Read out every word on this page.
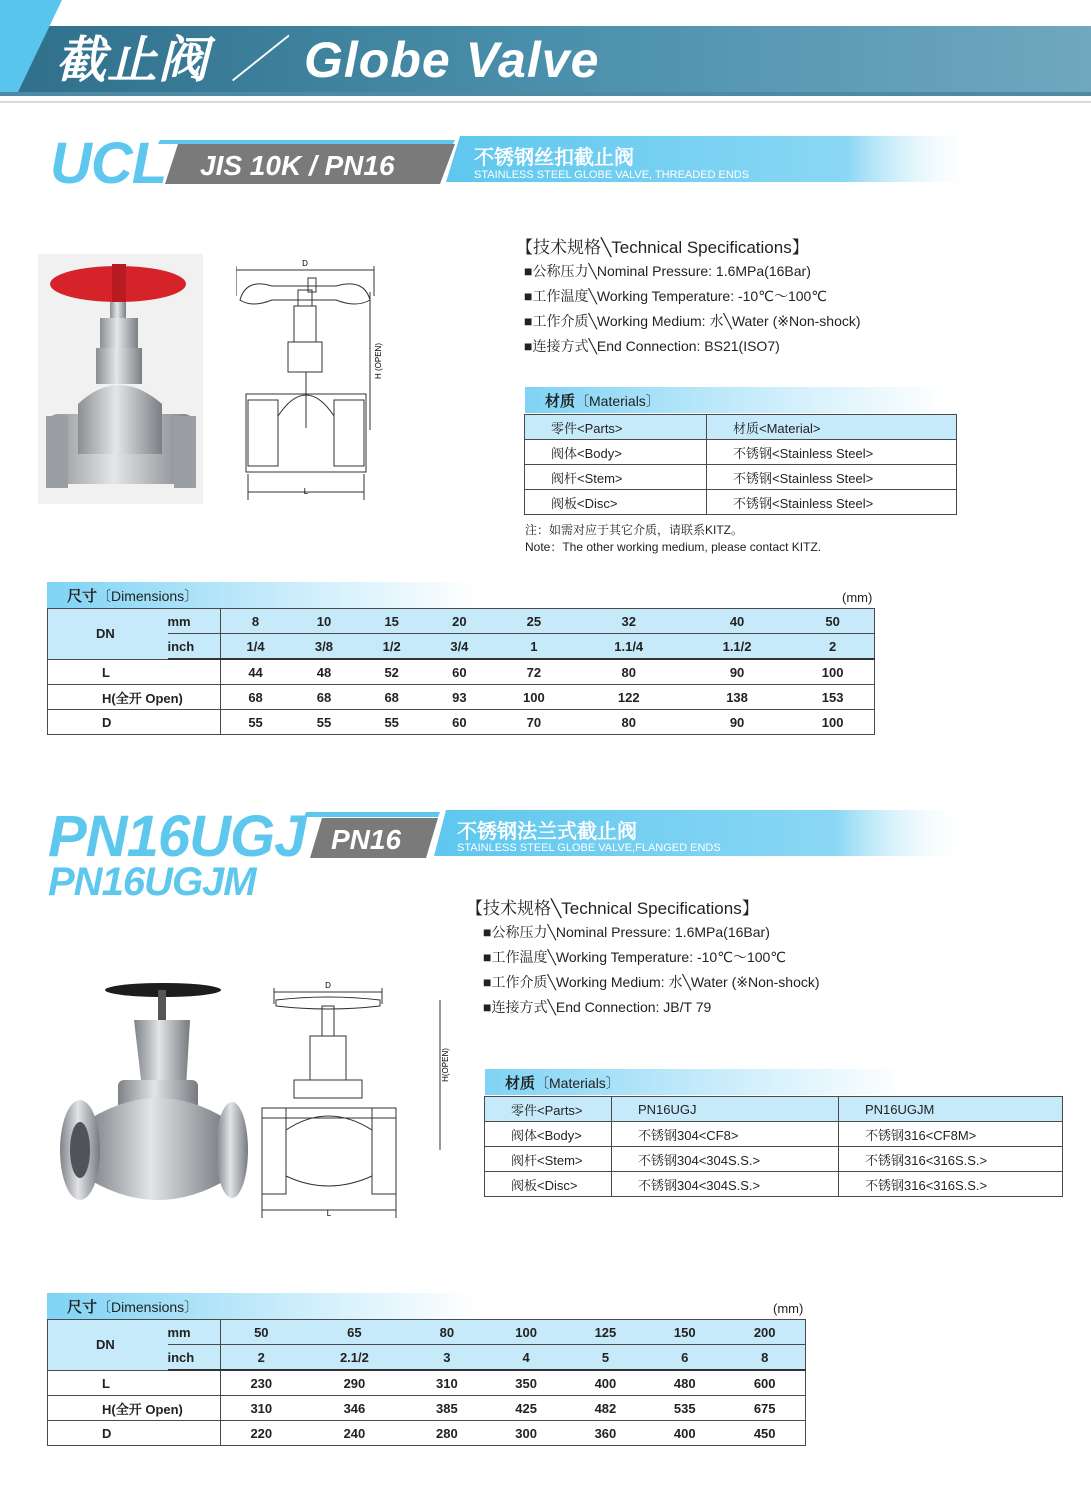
截止阀 ／ Globe Valve
UCL JIS 10K / PN16	不锈钢丝扣截止阀
STAINLESS STEEL GLOBE VALVE, THREADED ENDS
D
L
H (OPEN)
【技术规格╲Technical Specifications】
■公称压力╲Nominal Pressure: 1.6MPa(16Bar)
■工作温度╲Working Temperature: -10℃～100℃
■工作介质╲Working Medium: 水╲Water (※Non-shock)
■连接方式╲End Connection: BS21(ISO7)
材质〔Materials〕
零件<Parts>	材质<Material>
阀体<Body>	不锈钢<Stainless Steel>
阀杆<Stem>	不锈钢<Stainless Steel>
阀板<Disc>	不锈钢<Stainless Steel>
注：如需对应于其它介质，请联系KITZ。
Note：The other working medium, please contact KITZ.
尺寸〔Dimensions〕	(mm)
DN	mm	8	10	15	20	25	32	40	50
	inch	1/4	3/8	1/2	3/4	1	1.1/4	1.1/2	2
L		44	48	52	60	72	80	90	100
H(全开 Open)		68	68	68	93	100	122	138	153
D		55	55	55	60	70	80	90	100
PN16UGJ
PN16UGJM
PN16	不锈钢法兰式截止阀
STAINLESS STEEL GLOBE VALVE,FLANGED ENDS
D
L
H(OPEN)
【技术规格╲Technical Specifications】
■公称压力╲Nominal Pressure: 1.6MPa(16Bar)
■工作温度╲Working Temperature: -10℃～100℃
■工作介质╲Working Medium: 水╲Water (※Non-shock)
■连接方式╲End Connection: JB/T 79
材质〔Materials〕
零件<Parts>	PN16UGJ	PN16UGJM
阀体<Body>	不锈钢304<CF8>	不锈钢316<CF8M>
阀杆<Stem>	不锈钢304<304S.S.>	不锈钢316<316S.S.>
阀板<Disc>	不锈钢304<304S.S.>	不锈钢316<316S.S.>
尺寸〔Dimensions〕	(mm)
DN	mm	50	65	80	100	125	150	200
	inch	2	2.1/2	3	4	5	6	8
L		230	290	310	350	400	480	600
H(全开 Open)		310	346	385	425	482	535	675
D		220	240	280	300	360	400	450
